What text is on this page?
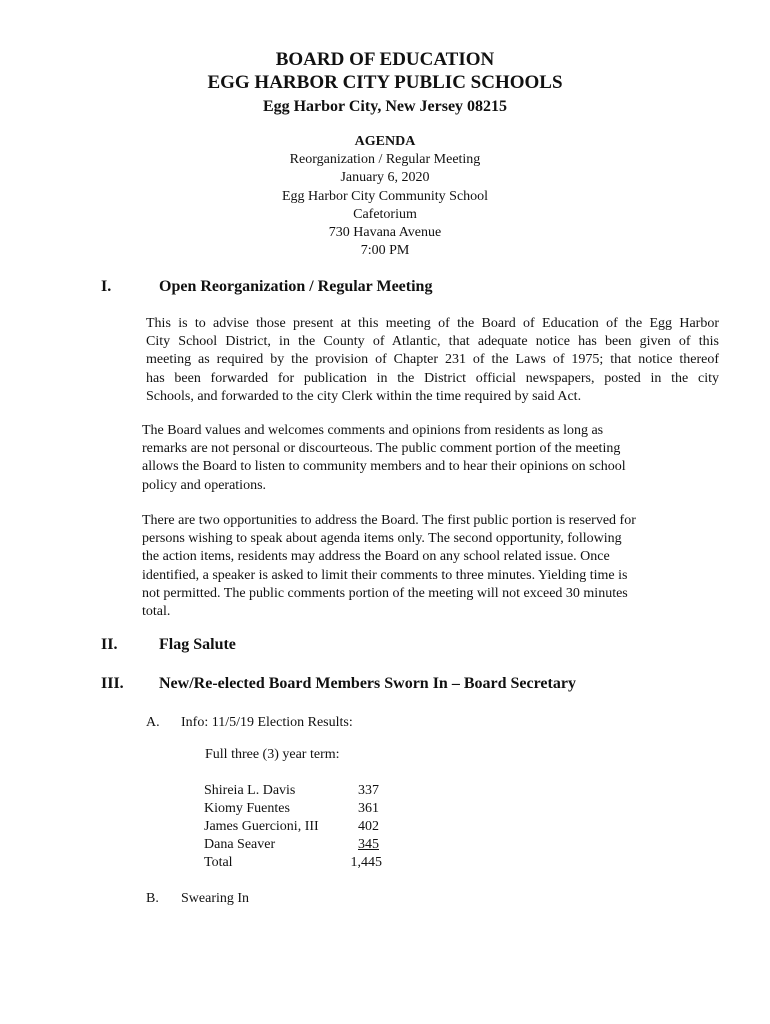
BOARD OF EDUCATION
EGG HARBOR CITY PUBLIC SCHOOLS
Egg Harbor City, New Jersey 08215
AGENDA
Reorganization / Regular Meeting
January 6, 2020
Egg Harbor City Community School
Cafetorium
730 Havana Avenue
7:00 PM
I.	Open Reorganization / Regular Meeting
This is to advise those present at this meeting of the Board of Education of the Egg Harbor
City School District, in the County of Atlantic, that adequate notice has been given of this
meeting as required by the provision of Chapter 231 of the Laws of 1975; that notice thereof
has been forwarded for publication in the District official newspapers, posted in the city
Schools, and forwarded to the city Clerk within the time required by said Act.
The Board values and welcomes comments and opinions from residents as long as
remarks are not personal or discourteous. The public comment portion of the meeting
allows the Board to listen to community members and to hear their opinions on school
policy and operations.
There are two opportunities to address the Board. The first public portion is reserved for
persons wishing to speak about agenda items only. The second opportunity, following
the action items, residents may address the Board on any school related issue. Once
identified, a speaker is asked to limit their comments to three minutes. Yielding time is
not permitted. The public comments portion of the meeting will not exceed 30 minutes
total.
II.	Flag Salute
III. New/Re-elected Board Members Sworn In – Board Secretary
A. Info: 11/5/19 Election Results:
Full three (3) year term:
Shireia L. Davis	337
Kiomy Fuentes	361
James Guercioni, III	402
Dana Seaver	345
Total	1,445
B. Swearing In
